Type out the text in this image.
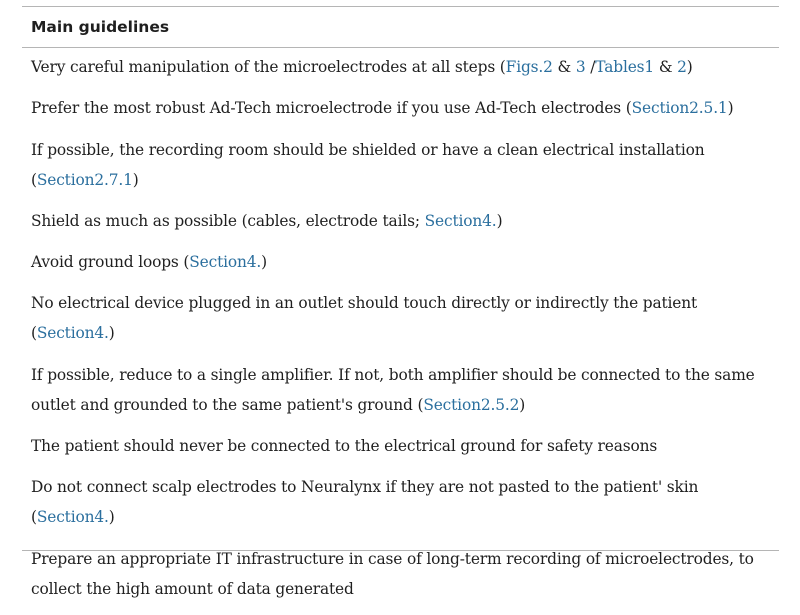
Main guidelines
Very careful manipulation of the microelectrodes at all steps (Figs.2 & 3 /Tables1 & 2)
Prefer the most robust Ad-Tech microelectrode if you use Ad-Tech electrodes (Section2.5.1)
If possible, the recording room should be shielded or have a clean electrical installation (Section2.7.1)
Shield as much as possible (cables, electrode tails; Section4.)
Avoid ground loops (Section4.)
No electrical device plugged in an outlet should touch directly or indirectly the patient (Section4.)
If possible, reduce to a single amplifier. If not, both amplifier should be connected to the same outlet and grounded to the same patient's ground (Section2.5.2)
The patient should never be connected to the electrical ground for safety reasons
Do not connect scalp electrodes to Neuralynx if they are not pasted to the patient' skin (Section4.)
Prepare an appropriate IT infrastructure in case of long-term recording of microelectrodes, to collect the high amount of data generated
